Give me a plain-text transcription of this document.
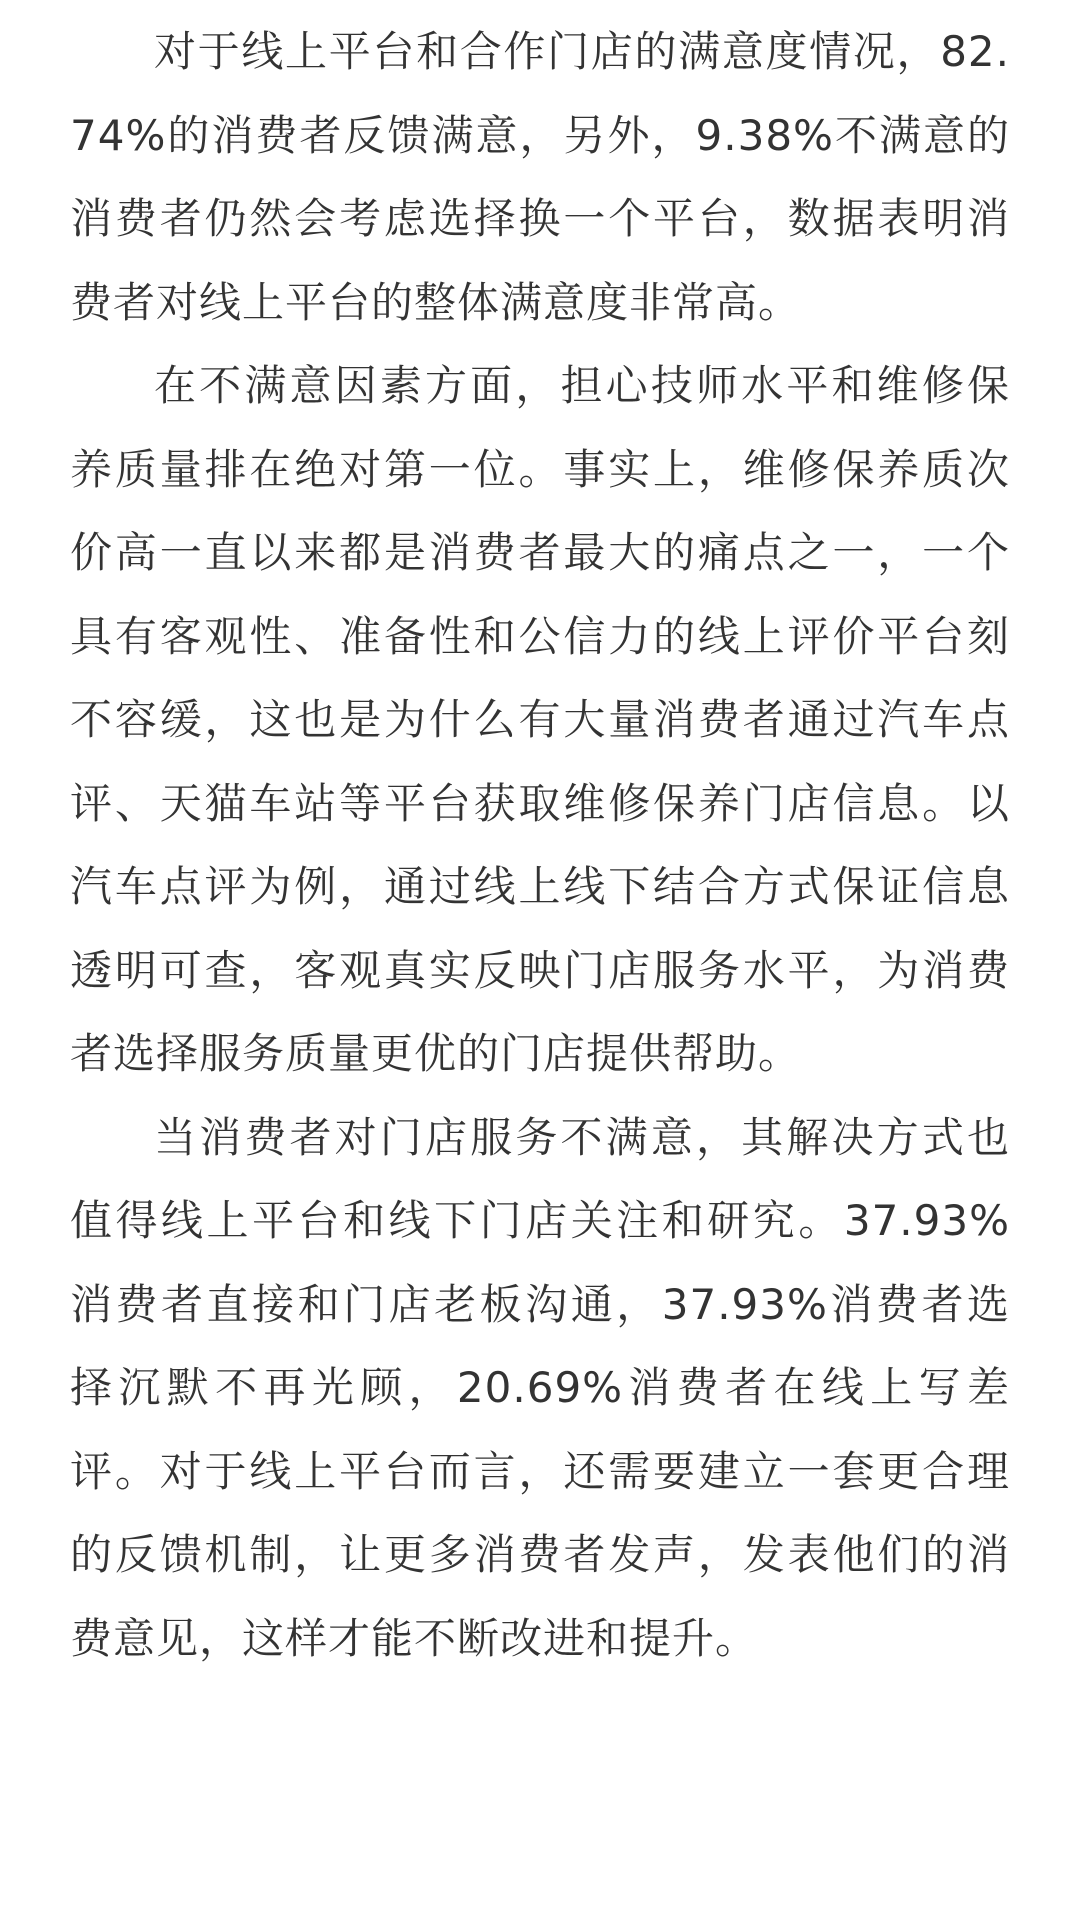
对于线上平台和合作门店的满意度情况，82.74%的消费者反馈满意，另外，9.38%不满意的消费者仍然会考虑选择换一个平台，数据表明消费者对线上平台的整体满意度非常高。

在不满意因素方面，担心技师水平和维修保养质量排在绝对第一位。事实上，维修保养质次价高一直以来都是消费者最大的痛点之一，一个具有客观性、准备性和公信力的线上评价平台刻不容缓，这也是为什么有大量消费者通过汽车点评、天猫车站等平台获取维修保养门店信息。以汽车点评为例，通过线上线下结合方式保证信息透明可查，客观真实反映门店服务水平，为消费者选择服务质量更优的门店提供帮助。

当消费者对门店服务不满意，其解决方式也值得线上平台和线下门店关注和研究。37.93%消费者直接和门店老板沟通，37.93%消费者选择沉默不再光顾，20.69%消费者在线上写差评。对于线上平台而言，还需要建立一套更合理的反馈机制，让更多消费者发声，发表他们的消费意见，这样才能不断改进和提升。
